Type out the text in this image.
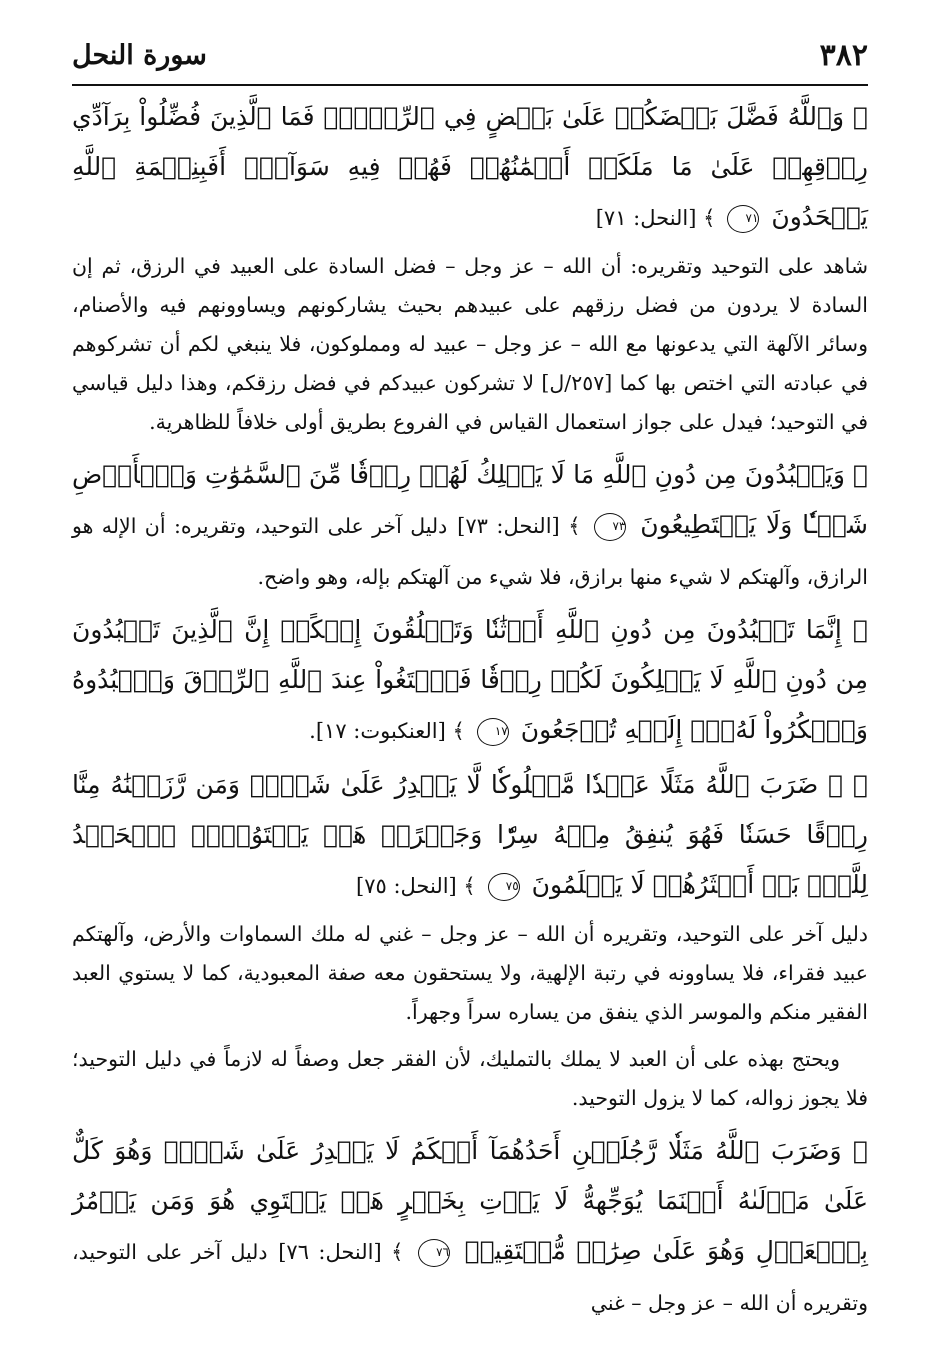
٣٨٢
سورة النحل
﴿ وَٱللَّهُ فَضَّلَ بَعۡضَكُمۡ عَلَىٰ بَعۡضٍ فِي ٱلرِّزۡقِۚ فَمَا ٱلَّذِينَ فُضِّلُواْ بِرَآدِّي رِزۡقِهِمۡ عَلَىٰ مَا مَلَكَتۡ أَيۡمَٰنُهُمۡ فَهُمۡ فِيهِ سَوَآءٌۚ أَفَبِنِعۡمَةِ ٱللَّهِ يَجۡحَدُونَ ٧١ ﴾ [النحل: ٧١]
شاهد على التوحيد وتقريره: أن الله – عز وجل – فضل السادة على العبيد في الرزق، ثم إن السادة لا يردون من فضل رزقهم على عبيدهم بحيث يشاركونهم ويساوونهم فيه والأصنام، وسائر الآلهة التي يدعونها مع الله – عز وجل – عبيد له ومملوكون، فلا ينبغي لكم أن تشركوهم في عبادته التي اختص بها كما [٢٥٧/ل] لا تشركون عبيدكم في فضل رزقكم، وهذا دليل قياسي في التوحيد؛ فيدل على جواز استعمال القياس في الفروع بطريق أولى خلافاً للظاهرية.
﴿ وَيَعۡبُدُونَ مِن دُونِ ٱللَّهِ مَا لَا يَمۡلِكُ لَهُمۡ رِزۡقٗا مِّنَ ٱلسَّمَٰوَٰتِ وَٱلۡأَرۡضِ شَيۡـٔٗا وَلَا يَسۡتَطِيعُونَ ٧٣ ﴾ [النحل: ٧٣] دليل آخر على التوحيد، وتقريره: أن الإله هو الرازق، وآلهتكم لا شيء منها برازق، فلا شيء من آلهتكم بإله، وهو واضح.
﴿ إِنَّمَا تَعۡبُدُونَ مِن دُونِ ٱللَّهِ أَوۡثَٰنٗا وَتَخۡلُقُونَ إِفۡكًاۚ إِنَّ ٱلَّذِينَ تَعۡبُدُونَ مِن دُونِ ٱللَّهِ لَا يَمۡلِكُونَ لَكُمۡ رِزۡقٗا فَٱبۡتَغُواْ عِندَ ٱللَّهِ ٱلرِّزۡقَ وَٱعۡبُدُوهُ وَٱشۡكُرُواْ لَهُۥٓۖ إِلَيۡهِ تُرۡجَعُونَ ١٧ ﴾ [العنكبوت: ١٧].
﴿ ۞ ضَرَبَ ٱللَّهُ مَثَلًا عَبۡدٗا مَّمۡلُوكٗا لَّا يَقۡدِرُ عَلَىٰ شَيۡءٖ وَمَن رَّزَقۡنَٰهُ مِنَّا رِزۡقًا حَسَنٗا فَهُوَ يُنفِقُ مِنۡهُ سِرّٗا وَجَهۡرًاۖ هَلۡ يَسۡتَوُۥنَۚ ٱلۡحَمۡدُ لِلَّهِۚ بَلۡ أَكۡثَرُهُمۡ لَا يَعۡلَمُونَ ٧٥ ﴾ [النحل: ٧٥]
دليل آخر على التوحيد، وتقريره أن الله – عز وجل – غني له ملك السماوات والأرض، وآلهتكم عبيد فقراء، فلا يساوونه في رتبة الإلهية، ولا يستحقون معه صفة المعبودية، كما لا يستوي العبد الفقير منكم والموسر الذي ينفق من يساره سراً وجهراً.
ويحتج بهذه على أن العبد لا يملك بالتمليك، لأن الفقر جعل وصفاً له لازماً في دليل التوحيد؛ فلا يجوز زواله، كما لا يزول التوحيد.
﴿ وَضَرَبَ ٱللَّهُ مَثَلٗا رَّجُلَيۡنِ أَحَدُهُمَآ أَبۡكَمُ لَا يَقۡدِرُ عَلَىٰ شَيۡءٖ وَهُوَ كَلٌّ عَلَىٰ مَوۡلَىٰهُ أَيۡنَمَا يُوَجِّههُّ لَا يَأۡتِ بِخَيۡرٍ هَلۡ يَسۡتَوِي هُوَ وَمَن يَأۡمُرُ بِٱلۡعَدۡلِ وَهُوَ عَلَىٰ صِرَٰطٖ مُّسۡتَقِيمٖ ٧٦ ﴾ [النحل: ٧٦] دليل آخر على التوحيد، وتقريره أن الله – عز وجل – غني
